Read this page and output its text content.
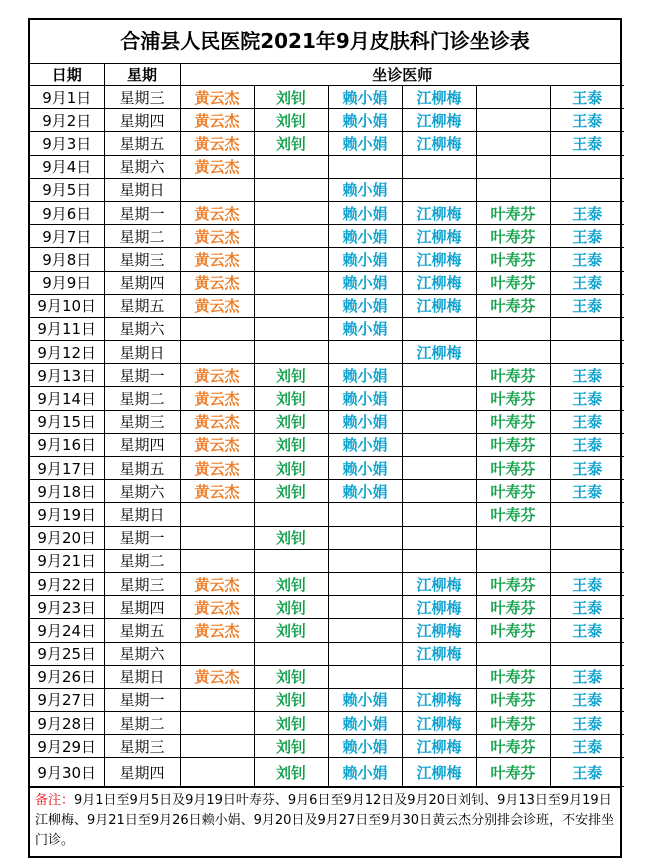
合浦县人民医院2021年9月皮肤科门诊坐诊表
日期	星期	坐诊医师					
9月1日	星期三	黄云杰	刘钊	赖小娟	江柳梅		王泰
9月2日	星期四	黄云杰	刘钊	赖小娟	江柳梅		王泰
9月3日	星期五	黄云杰	刘钊	赖小娟	江柳梅		王泰
9月4日	星期六	黄云杰					
9月5日	星期日			赖小娟			
9月6日	星期一	黄云杰		赖小娟	江柳梅	叶寿芬	王泰
9月7日	星期二	黄云杰		赖小娟	江柳梅	叶寿芬	王泰
9月8日	星期三	黄云杰		赖小娟	江柳梅	叶寿芬	王泰
9月9日	星期四	黄云杰		赖小娟	江柳梅	叶寿芬	王泰
9月10日	星期五	黄云杰		赖小娟	江柳梅	叶寿芬	王泰
9月11日	星期六			赖小娟			
9月12日	星期日				江柳梅		
9月13日	星期一	黄云杰	刘钊	赖小娟		叶寿芬	王泰
9月14日	星期二	黄云杰	刘钊	赖小娟		叶寿芬	王泰
9月15日	星期三	黄云杰	刘钊	赖小娟		叶寿芬	王泰
9月16日	星期四	黄云杰	刘钊	赖小娟		叶寿芬	王泰
9月17日	星期五	黄云杰	刘钊	赖小娟		叶寿芬	王泰
9月18日	星期六	黄云杰	刘钊	赖小娟		叶寿芬	王泰
9月19日	星期日					叶寿芬	
9月20日	星期一		刘钊				
9月21日	星期二						
9月22日	星期三	黄云杰	刘钊		江柳梅	叶寿芬	王泰
9月23日	星期四	黄云杰	刘钊		江柳梅	叶寿芬	王泰
9月24日	星期五	黄云杰	刘钊		江柳梅	叶寿芬	王泰
9月25日	星期六				江柳梅		
9月26日	星期日	黄云杰	刘钊			叶寿芬	王泰
9月27日	星期一		刘钊	赖小娟	江柳梅	叶寿芬	王泰
9月28日	星期二		刘钊	赖小娟	江柳梅	叶寿芬	王泰
9月29日	星期三		刘钊	赖小娟	江柳梅	叶寿芬	王泰
9月30日	星期四		刘钊	赖小娟	江柳梅	叶寿芬	王泰
备注：9月1日至9月5日及9月19日叶寿芬、9月6日至9月12日及9月20日刘钊、9月13日至9月19日江柳梅、9月21日至9月26日赖小娟、9月20日及9月27日至9月30日黄云杰分别排会诊班，不安排坐门诊。
